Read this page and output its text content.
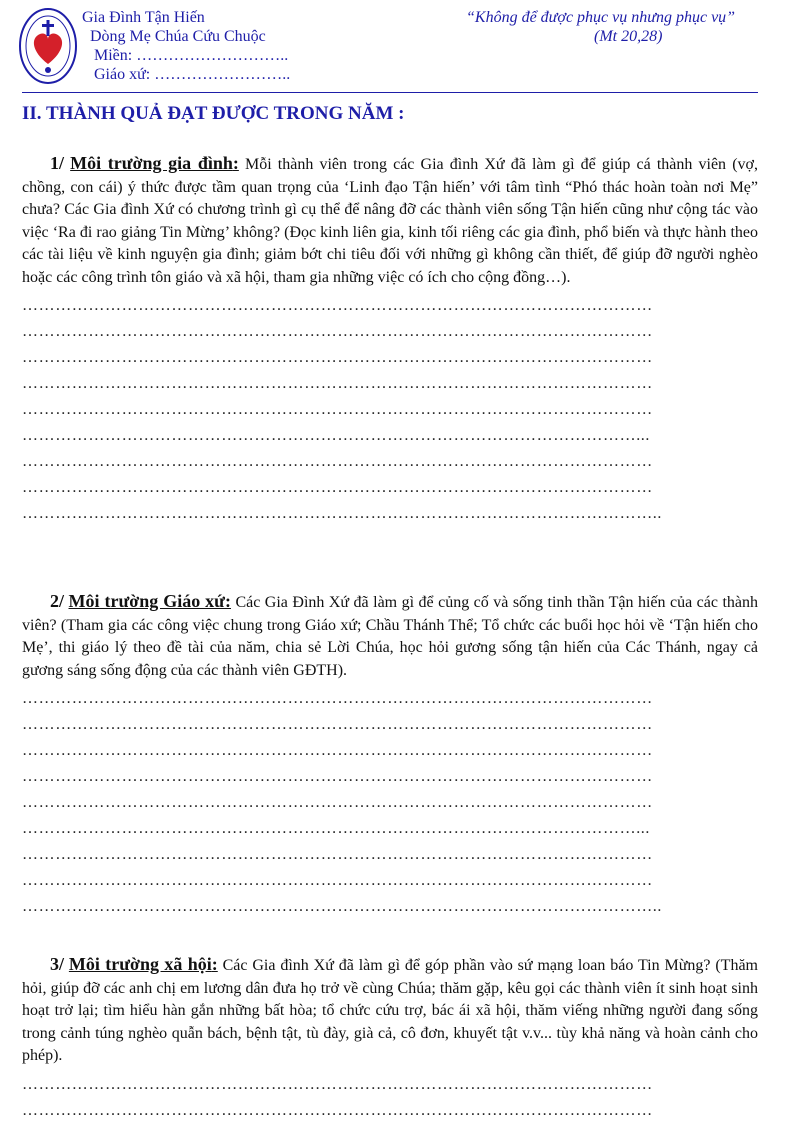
Gia Đình Tận Hiến
Dòng Mẹ Chúa Cứu Chuộc
Miền: ………………………..
Giáo xứ: ……………………..
“Không để được phục vụ nhưng phục vụ”
(Mt 20,28)
II. THÀNH QUẢ ĐẠT ĐƯỢC TRONG NĂM :

1/ Môi trường gia đình: Mỗi thành viên trong các Gia đình Xứ đã làm gì để giúp cá thành viên (vợ, chồng, con cái) ý thức được tầm quan trọng của ‘Linh đạo Tận hiến’ với tâm tình “Phó thác hoàn toàn nơi Mẹ” chưa? Các Gia đình Xứ có chương trình gì cụ thể để nâng đỡ các thành viên sống Tận hiến cũng như cộng tác vào việc ‘Ra đi rao giảng Tin Mừng’ không? (Đọc kinh liên gia, kinh tối riêng các gia đình, phổ biến và thực hành theo các tài liệu về kinh nguyện gia đình; giảm bớt chi tiêu đối với những gì không cần thiết, để giúp đỡ người nghèo hoặc các công trình tôn giáo và xã hội, tham gia những việc có ích cho cộng đồng…).

……………………………………………………………………………………………………
……………………………………………………………………………………………………
……………………………………………………………………………………………………
……………………………………………………………………………………………………
……………………………………………………………………………………………………
…………………………………………………………………………………………………...
……………………………………………………………………………………………………
……………………………………………………………………………………………………
……………………………………………………………………………………………………..

2/ Môi trường Giáo xứ: Các Gia Đình Xứ đã làm gì để củng cố và sống tinh thần Tận hiến của các thành viên? (Tham gia các công việc chung trong Giáo xứ; Chầu Thánh Thể; Tổ chức các buổi học hỏi về ‘Tận hiến cho Mẹ’, thi giáo lý theo đề tài của năm, chia sẻ Lời Chúa, học hỏi gương sống tận hiến của Các Thánh, ngay cả gương sáng sống động của các thành viên GĐTH).

……………………………………………………………………………………………………
……………………………………………………………………………………………………
……………………………………………………………………………………………………
……………………………………………………………………………………………………
……………………………………………………………………………………………………
…………………………………………………………………………………………………...
……………………………………………………………………………………………………
……………………………………………………………………………………………………
……………………………………………………………………………………………………..

3/ Môi trường xã hội: Các Gia đình Xứ đã làm gì để góp phần vào sứ mạng loan báo Tin Mừng? (Thăm hỏi, giúp đỡ các anh chị em lương dân đưa họ trở về cùng Chúa; thăm gặp, kêu gọi các thành viên ít sinh hoạt sinh hoạt trở lại; tìm hiểu hàn gắn những bất hòa; tổ chức cứu trợ, bác ái xã hội, thăm viếng những người đang sống trong cảnh túng nghèo quẫn bách, bệnh tật, tù đày, già cả, cô đơn, khuyết tật v.v... tùy khả năng và hoàn cảnh cho phép).

……………………………………………………………………………………………………
……………………………………………………………………………………………………
